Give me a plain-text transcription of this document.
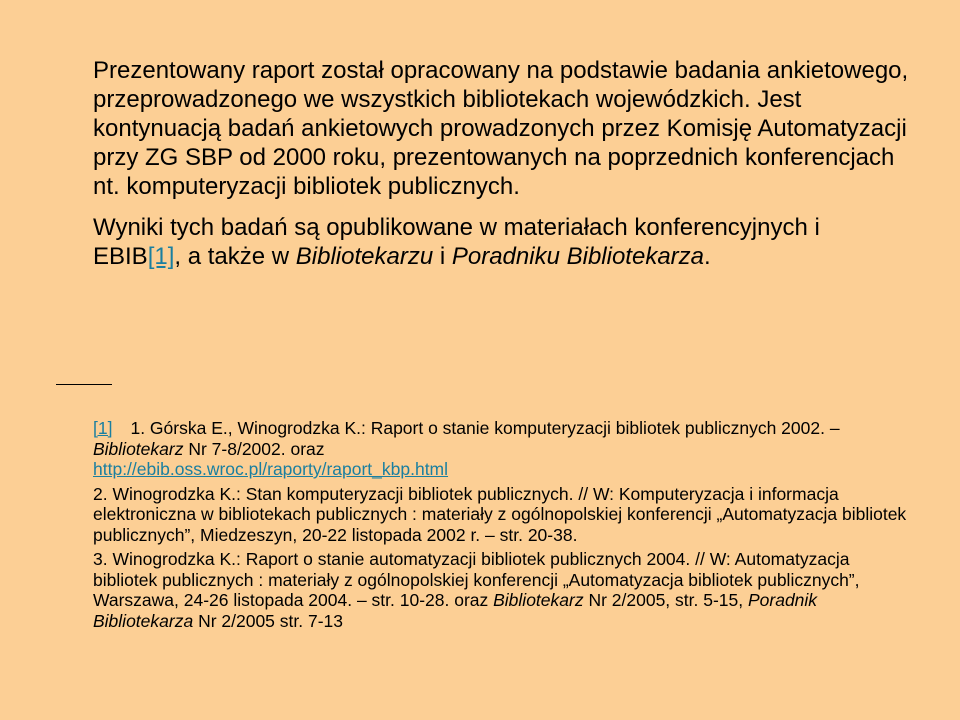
Prezentowany raport został opracowany na podstawie badania ankietowego, przeprowadzonego we wszystkich bibliotekach wojewódzkich. Jest kontynuacją badań ankietowych prowadzonych przez Komisję Automatyzacji przy ZG SBP od 2000 roku, prezentowanych na poprzednich konferencjach nt. komputeryzacji bibliotek publicznych.

Wyniki tych badań są opublikowane w materiałach konferencyjnych i EBIB[1], a także w Bibliotekarzu i Poradniku Bibliotekarza.

[1] 1. Górska E., Winogrodzka K.: Raport o stanie komputeryzacji bibliotek publicznych 2002. – Bibliotekarz Nr 7-8/2002. oraz
http://ebib.oss.wroc.pl/raporty/raport_kbp.html

2. Winogrodzka K.: Stan komputeryzacji bibliotek publicznych. // W: Komputeryzacja i informacja elektroniczna w bibliotekach publicznych : materiały z ogólnopolskiej konferencji „Automatyzacja bibliotek publicznych”, Miedzeszyn, 20-22 listopada 2002 r. – str. 20-38.

3. Winogrodzka K.: Raport o stanie automatyzacji bibliotek publicznych 2004. // W: Automatyzacja bibliotek publicznych : materiały z ogólnopolskiej konferencji „Automatyzacja bibliotek publicznych”, Warszawa, 24-26 listopada 2004. – str. 10-28. oraz Bibliotekarz Nr 2/2005, str. 5-15, Poradnik Bibliotekarza Nr 2/2005 str. 7-13
